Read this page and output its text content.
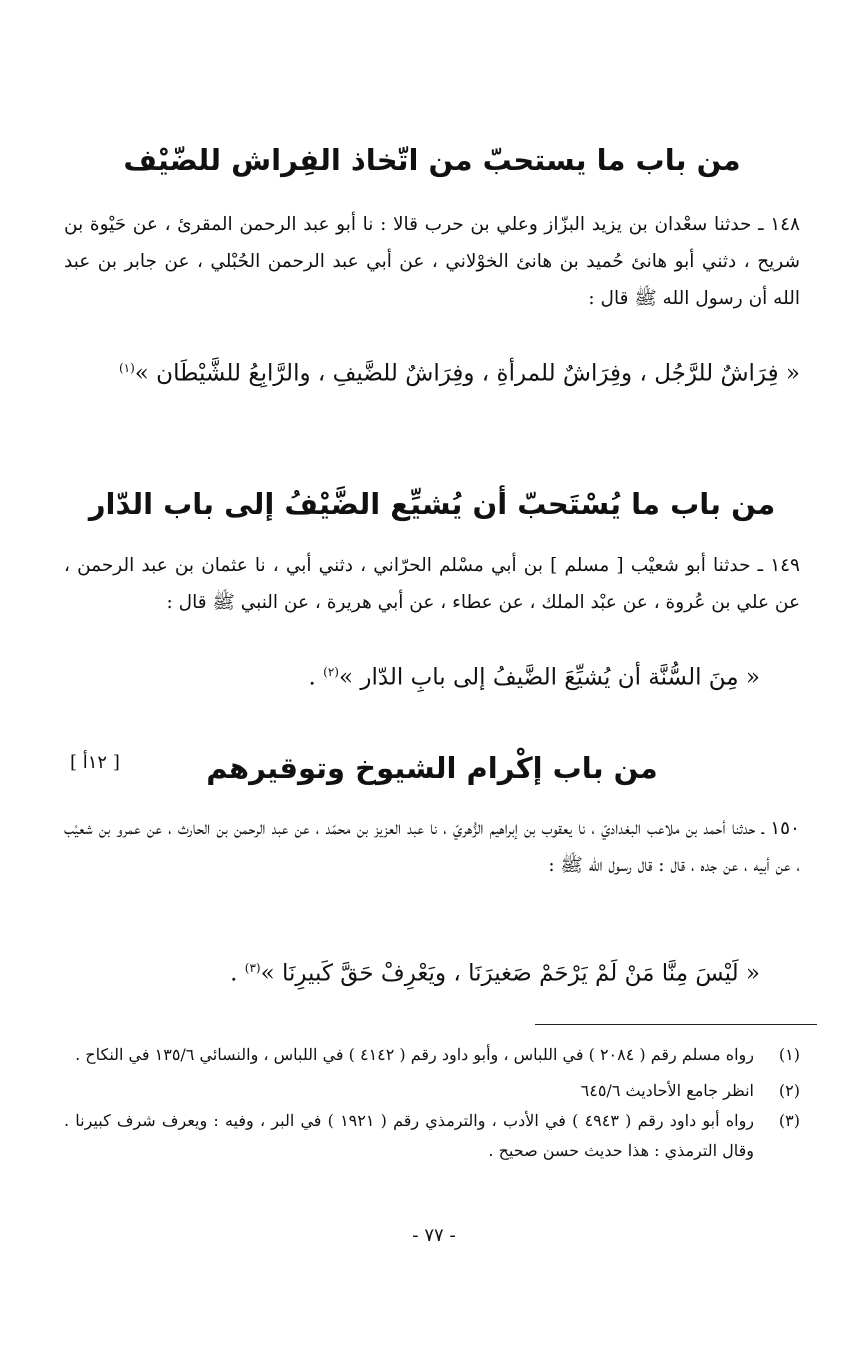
من باب ما يستحبّ من اتّخاذ الفِراش للضّيْف

١٤٨ ـ حدثنا سعْدان بن يزيد البزّاز وعلي بن حرب قالا : نا أبو عبد الرحمن المقرئ ، عن حَيْوة بن شريح ، دثني أبو هانئ حُميد بن هانئ الخوْلاني ، عن أبي عبد الرحمن الحُبْلي ، عن جابر بن عبد الله أن رسول الله ﷺ قال :

« فِرَاشٌ للرَّجُل ، وفِرَاشٌ للمرأةِ ، وفِرَاشٌ للضَّيفِ ، والرَّابِعُ للشَّيْطَان »$^{(١)}$

من باب ما يُسْتَحبّ أن يُشيِّع الضَّيْفُ إلى باب الدّار

١٤٩ ـ حدثنا أبو شعيْب [ مسلم ] بن أبي مسْلم الحرّاني ، دثني أبي ، نا عثمان بن عبد الرحمن ، عن علي بن عُروة ، عن عبْد الملك ، عن عطاء ، عن أبي هريرة ، عن النبي ﷺ قال :

« مِنَ السُّنَّة أن يُشيِّعَ الضَّيفُ إلى بابِ الدّار »$^{(٢)}$ .

[ ١٢أ ]	من باب إكْرام الشيوخ وتوقيرهم

١٥٠ ـ حدثنا أحمد بن ملاعب البغداديّ ، نا يعقوب بن إبراهيم الزُّهريّ ، نا عبد العزيز بن محمّد ، عن عبد الرحمن بن الحارث ، عن عمرو بن شعيْب ، عن أبيه ، عن جده ، قال : قال رسول الله ﷺ :

« لَيْسَ مِنَّا مَنْ لَمْ يَرْحَمْ صَغيرَنَا ، ويَعْرِفْ حَقَّ كَبيرِنَا »$^{(٣)}$ .

(١)
رواه مسلم رقم ( ٢٠٨٤ ) في اللباس ، وأبو داود رقم ( ٤١٤٢ ) في اللباس ، والنسائي ١٣٥/٦ في النكاح .
(٢)
انظر جامع الأحاديث ٦٤٥/٦
(٣)
رواه أبو داود رقم ( ٤٩٤٣ ) في الأدب ، والترمذي رقم ( ١٩٢١ ) في البر ، وفيه : ويعرف شرف كبيرنا . وقال الترمذي : هذا حديث حسن صحيح .
- ٧٧ -
